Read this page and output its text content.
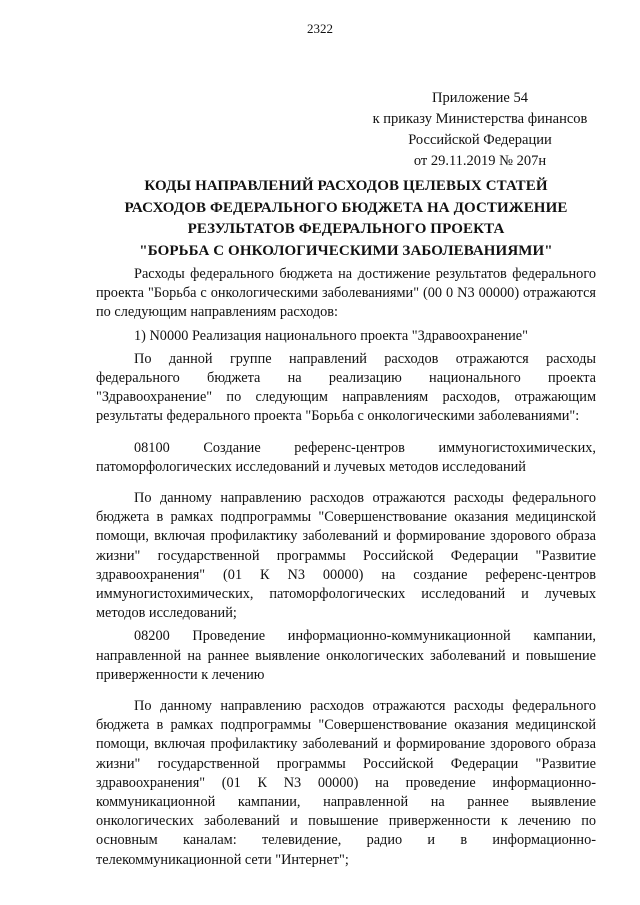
2322
Приложение 54
к приказу Министерства финансов
Российской Федерации
от 29.11.2019 № 207н
КОДЫ НАПРАВЛЕНИЙ РАСХОДОВ ЦЕЛЕВЫХ СТАТЕЙ
РАСХОДОВ ФЕДЕРАЛЬНОГО БЮДЖЕТА НА ДОСТИЖЕНИЕ
РЕЗУЛЬТАТОВ ФЕДЕРАЛЬНОГО ПРОЕКТА
"БОРЬБА С ОНКОЛОГИЧЕСКИМИ ЗАБОЛЕВАНИЯМИ"

Расходы федерального бюджета на достижение результатов федерального проекта "Борьба с онкологическими заболеваниями" (00 0 N3 00000) отражаются по следующим направлениям расходов:

1) N0000 Реализация национального проекта "Здравоохранение"

По данной группе направлений расходов отражаются расходы федерального бюджета на реализацию национального проекта "Здравоохранение" по следующим направлениям расходов, отражающим результаты федерального проекта "Борьба с онкологическими заболеваниями":

08100 Создание референс-центров иммуногистохимических, патоморфологических исследований и лучевых методов исследований

По данному направлению расходов отражаются расходы федерального бюджета в рамках подпрограммы "Совершенствование оказания медицинской помощи, включая профилактику заболеваний и формирование здорового образа жизни" государственной программы Российской Федерации "Развитие здравоохранения" (01 К N3 00000) на создание референс-центров иммуногистохимических, патоморфологических исследований и лучевых методов исследований;

08200 Проведение информационно-коммуникационной кампании, направленной на раннее выявление онкологических заболеваний и повышение приверженности к лечению

По данному направлению расходов отражаются расходы федерального бюджета в рамках подпрограммы "Совершенствование оказания медицинской помощи, включая профилактику заболеваний и формирование здорового образа жизни" государственной программы Российской Федерации "Развитие здравоохранения" (01 К N3 00000) на проведение информационно-коммуникационной кампании, направленной на раннее выявление онкологических заболеваний и повышение приверженности к лечению по основным каналам: телевидение, радио и в информационно-телекоммуникационной сети "Интернет";
